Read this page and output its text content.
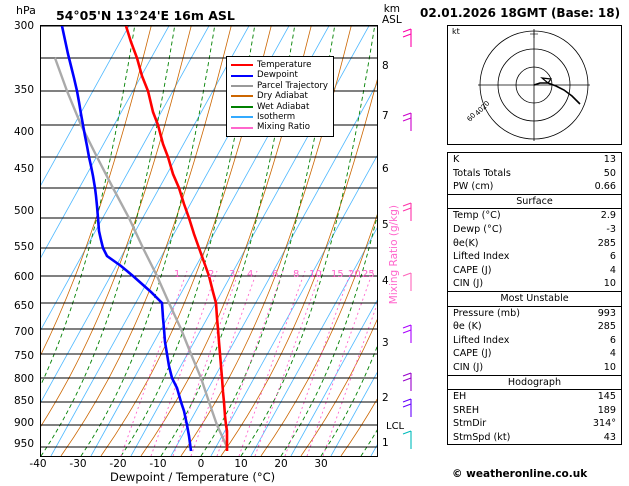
hPa 54°05'N 13°24'E 16m ASL	km
ASL
Temperature
Dewpoint
Parcel Trajectory
Dry Adiabat
Wet Adiabat
Isotherm
Mixing Ratio
300
350
400
450
500
550
600
650
700
750
800
850
900
950
-40	-30	-20	-10	0	10	20	30
Dewpoint / Temperature (°C)
8
7
6
5
4
3
2
1
1	2 3 4 6 8 10 15 20 25 Mixing Ratio (g/kg)
LCL
02.01.2026 18GMT (Base: 18)
20
40
60
kt
K	13
Totals Totals	50
PW (cm)	0.66
Surface
Temp (°C)	2.9
Dewp (°C)	-3
θe(K)	285
Lifted Index	6
CAPE (J)	4
CIN (J)	10
Most Unstable
Pressure (mb)	993
θe (K)	285
Lifted Index	6
CAPE (J)	4
CIN (J)	10
Hodograph
EH	145
SREH	189
StmDir	314°
StmSpd (kt)	43
© weatheronline.co.uk
